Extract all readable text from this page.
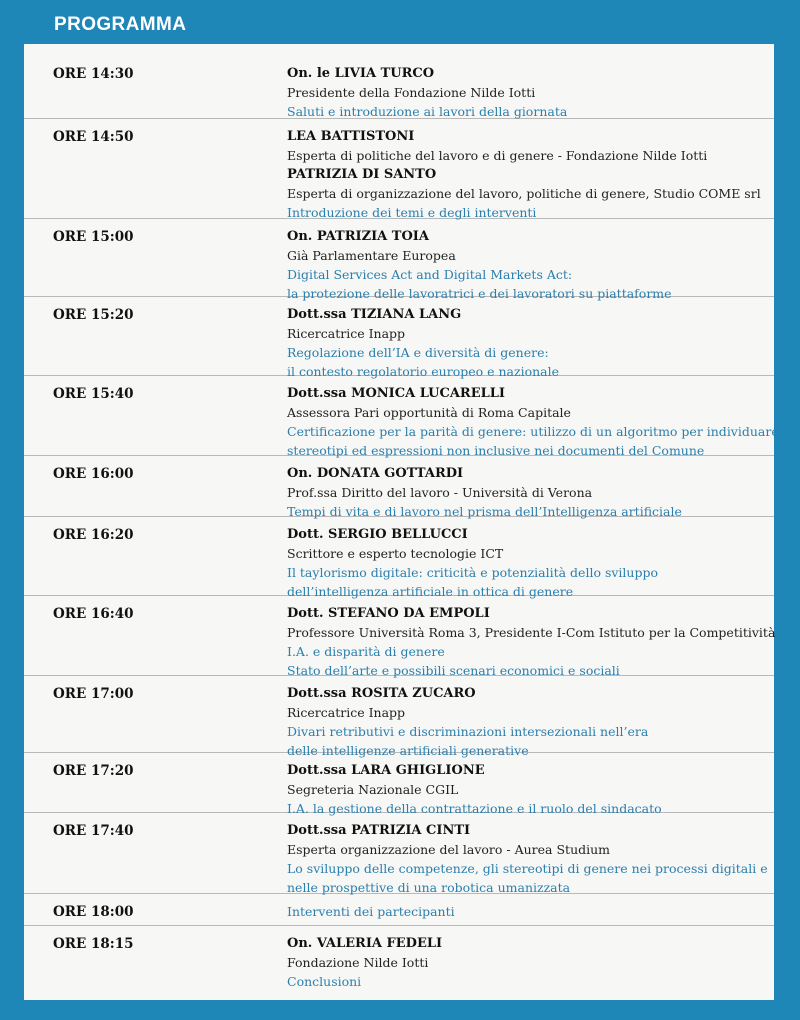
PROGRAMMA
ORE 14:30	On. le LIVIA TURCO
Presidente della Fondazione Nilde Iotti
Saluti e introduzione ai lavori della giornata
ORE 14:50	LEA BATTISTONI
Esperta di politiche del lavoro e di genere - Fondazione Nilde Iotti
PATRIZIA DI SANTO
Esperta di organizzazione del lavoro, politiche di genere, Studio COME srl
Introduzione dei temi e degli interventi
ORE 15:00	On. PATRIZIA TOIA
Già Parlamentare Europea
Digital Services Act and Digital Markets Act:
la protezione delle lavoratrici e dei lavoratori su piattaforme
ORE 15:20	Dott.ssa TIZIANA LANG
Ricercatrice Inapp
Regolazione dell’IA e diversità di genere:
il contesto regolatorio europeo e nazionale
ORE 15:40	Dott.ssa MONICA LUCARELLI
Assessora Pari opportunità di Roma Capitale
Certificazione per la parità di genere: utilizzo di un algoritmo per individuare
stereotipi ed espressioni non inclusive nei documenti del Comune
ORE 16:00	On. DONATA GOTTARDI
Prof.ssa Diritto del lavoro - Università di Verona
Tempi di vita e di lavoro nel prisma dell’Intelligenza artificiale
ORE 16:20	Dott. SERGIO BELLUCCI
Scrittore e esperto tecnologie ICT
Il taylorismo digitale: criticità e potenzialità dello sviluppo
dell’intelligenza artificiale in ottica di genere
ORE 16:40	Dott. STEFANO DA EMPOLI
Professore Università Roma 3, Presidente I-Com Istituto per la Competitività
I.A. e disparità di genere
Stato dell’arte e possibili scenari economici e sociali
ORE 17:00	Dott.ssa ROSITA ZUCARO
Ricercatrice Inapp
Divari retributivi e discriminazioni intersezionali nell’era
delle intelligenze artificiali generative
ORE 17:20	Dott.ssa LARA GHIGLIONE
Segreteria Nazionale CGIL
I.A. la gestione della contrattazione e il ruolo del sindacato
ORE 17:40	Dott.ssa PATRIZIA CINTI
Esperta organizzazione del lavoro - Aurea Studium
Lo sviluppo delle competenze, gli stereotipi di genere nei processi digitali e
nelle prospettive di una robotica umanizzata
ORE 18:00	Interventi dei partecipanti
ORE 18:15	On. VALERIA FEDELI
Fondazione Nilde Iotti
Conclusioni
